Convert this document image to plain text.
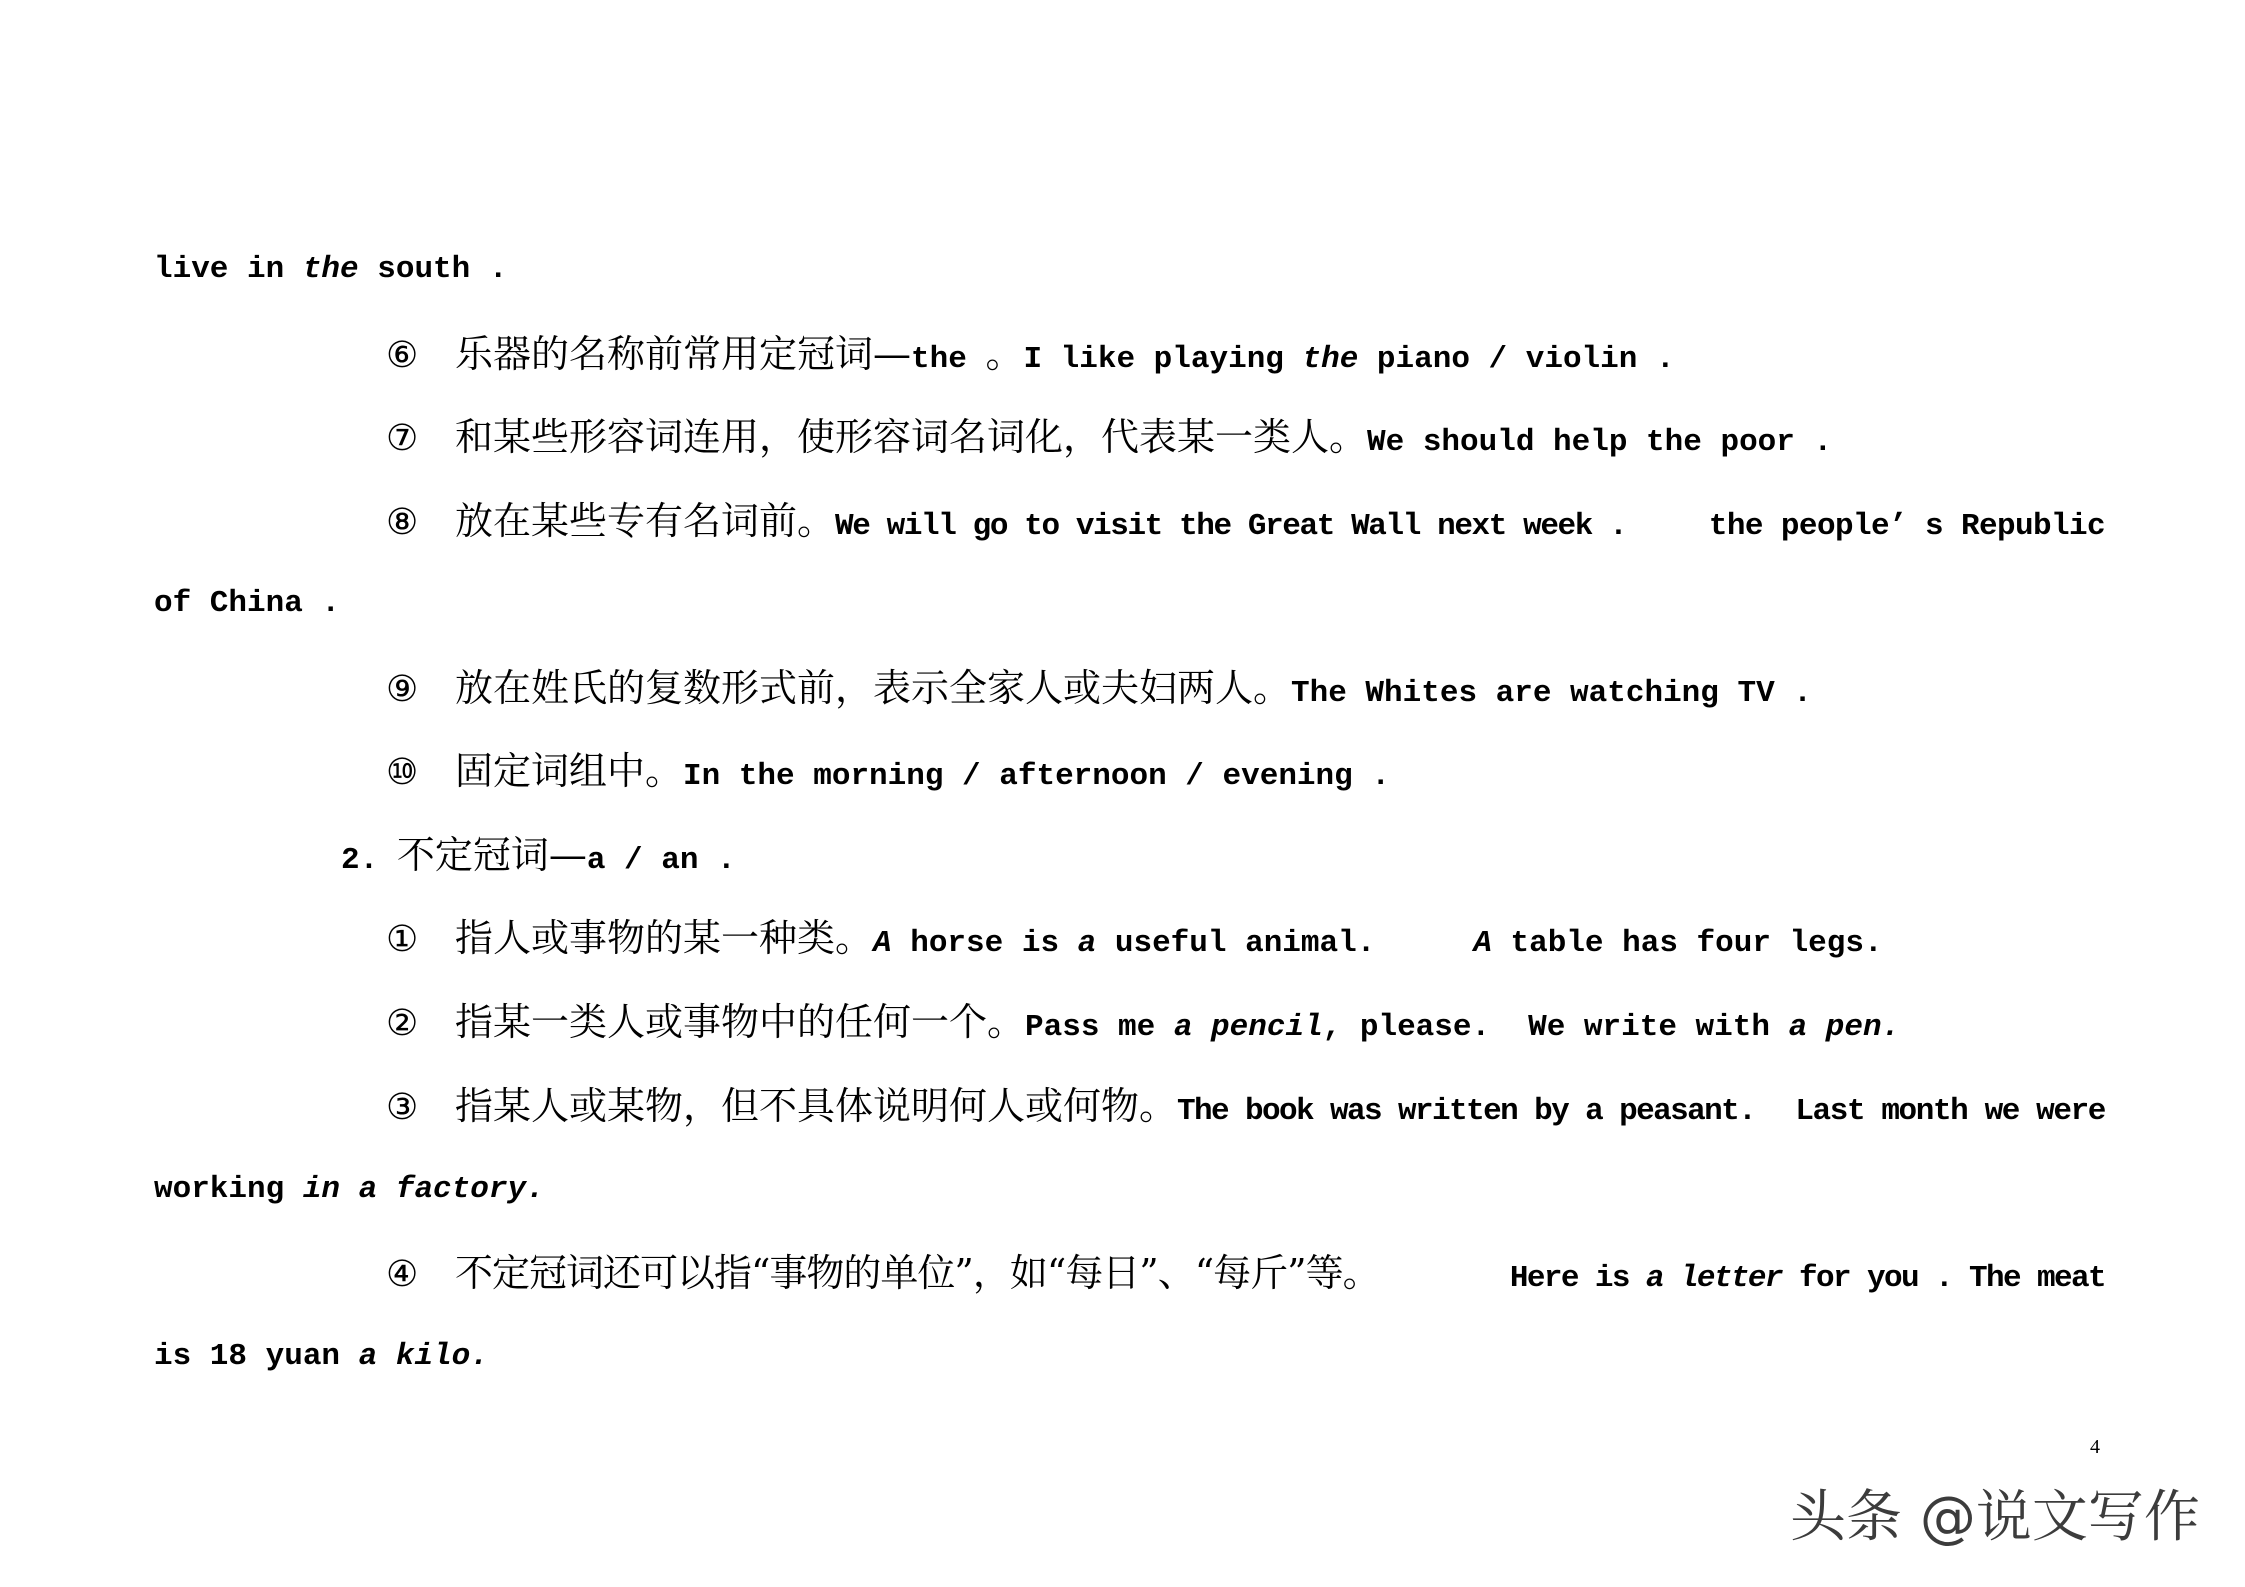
live in the south .
⑥ 乐器的名称前常用定冠词—the 。I like playing the piano / violin .
⑦ 和某些形容词连用，使形容词名词化，代表某一类人。We should help the poor .
⑧ 放在某些专有名词前。We will go to visit the Great Wall next week .	the people’ s Republic
of China .
⑨ 放在姓氏的复数形式前，表示全家人或夫妇两人。The Whites are watching TV .
⑩ 固定词组中。In the morning / afternoon / evening .
2. 不定冠词—a / an .
① 指人或事物的某一种类。A horse is a useful animal.	A table has four legs.
② 指某一类人或事物中的任何一个。Pass me a pencil, please. We write with a pen.
③ 指某人或某物，但不具体说明何人或何物。The book was written by a peasant. Last month we were
working in a factory.
④ 不定冠词还可以指“事物的单位”，如“每日”、“每斤”等。	Here is a letter for you . The meat
is 18 yuan a kilo.
4
头条 @说文写作
